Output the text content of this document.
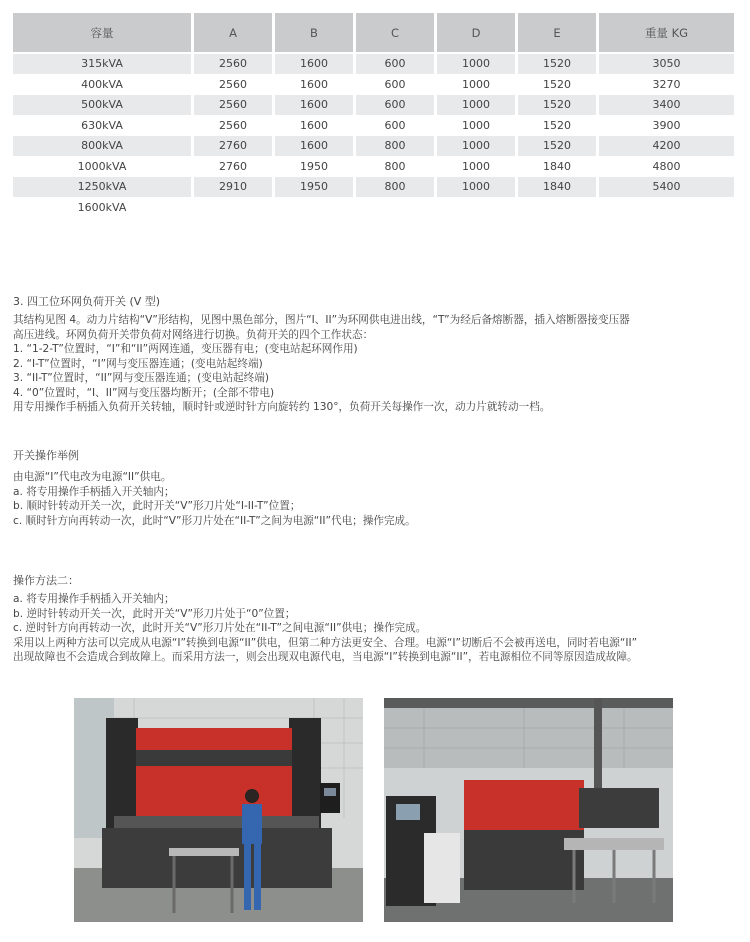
容量	A	B	C	D	E	重量 KG
315kVA	2560	1600	600	1000	1520	3050
400kVA	2560	1600	600	1000	1520	3270
500kVA	2560	1600	600	1000	1520	3400
630kVA	2560	1600	600	1000	1520	3900
800kVA	2760	1600	800	1000	1520	4200
1000kVA	2760	1950	800	1000	1840	4800
1250kVA	2910	1950	800	1000	1840	5400
1600kVA						
3. 四工位环网负荷开关 (V 型)

其结构见图 4。动力片结构“V”形结构，见图中黑色部分，图片“I、II”为环网供电进出线，“T”为经后备熔断器，插入熔断器接变压器

高压进线。环网负荷开关带负荷对网络进行切换。负荷开关的四个工作状态：

1. “1-2-T”位置时，“I”和“II”两网连通，变压器有电；(变电站起环网作用)

2. “I-T”位置时，“I”网与变压器连通；(变电站起终端)

3. “II-T”位置时，“II”网与变压器连通；(变电站起终端)

4. “0”位置时，“I、II”网与变压器均断开；(全部不带电)

用专用操作手柄插入负荷开关转轴，顺时针或逆时针方向旋转约 130°，负荷开关每操作一次，动力片就转动一档。

开关操作举例

由电源“I”代电改为电源“II”供电。

a. 将专用操作手柄插入开关轴内；

b. 顺时针转动开关一次，此时开关“V”形刀片处“I-II-T”位置；

c. 顺时针方向再转动一次，此时“V”形刀片处在“II-T”之间为电源“II”代电；操作完成。

操作方法二：

a. 将专用操作手柄插入开关轴内；

b. 逆时针转动开关一次，此时开关“V”形刀片处于“0”位置；

c. 逆时针方向再转动一次，此时开关“V”形刀片处在“II-T”之间电源“II”供电；操作完成。

采用以上两种方法可以完成从电源“I”转换到电源“II”供电，但第二种方法更安全、合理。电源“I”切断后不会被再送电，同时若电源“II”

出现故障也不会造成合到故障上。而采用方法一，则会出现双电源代电，当电源“I”转换到电源“II”，若电源相位不同等原因造成故障。
